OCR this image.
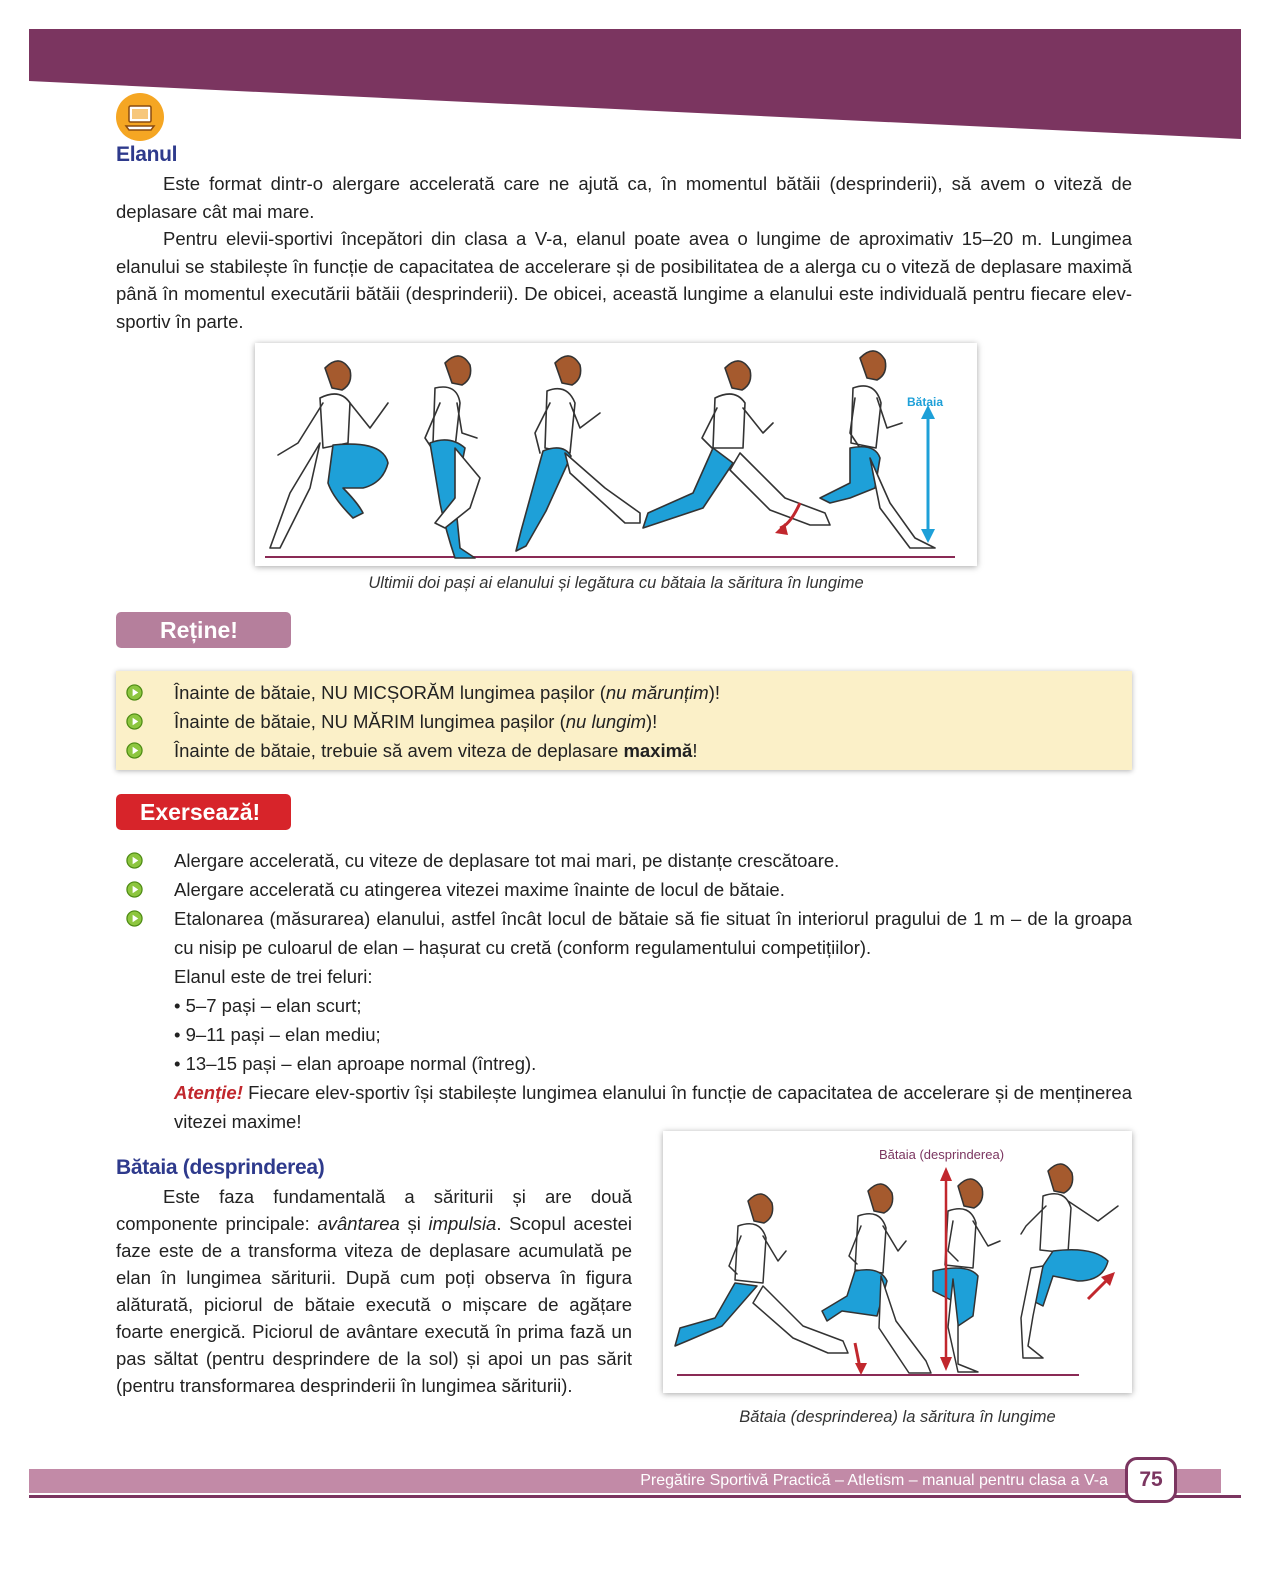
Elanul

Este format dintr-o alergare accelerată care ne ajută ca, în momentul bătăii (desprinderii), să avem o viteză de deplasare cât mai mare.

Pentru elevii-sportivi începători din clasa a V-a, elanul poate avea o lungime de aproximativ 15–20 m. Lungimea elanului se stabilește în funcție de capacitatea de accelerare și de posibilitatea de a alerga cu o viteză de deplasare maximă până în momentul executării bătăii (desprinderii). De obicei, această lungime a elanului este individuală pentru fiecare elev-sportiv în parte.

Bătaia
Ultimii doi pași ai elanului și legătura cu bătaia la săritura în lungime
Reține!
Înainte de bătaie, NU MICȘORĂM lungimea pașilor (nu mărunțim)!
Înainte de bătaie, NU MĂRIM lungimea pașilor (nu lungim)!
Înainte de bătaie, trebuie să avem viteza de deplasare maximă!
Exersează!
Alergare accelerată, cu viteze de deplasare tot mai mari, pe distanțe crescătoare.
Alergare accelerată cu atingerea vitezei maxime înainte de locul de bătaie.
Etalonarea (măsurarea) elanului, astfel încât locul de bătaie să fie situat în interiorul pragului de 1 m – de la groapa cu nisip pe culoarul de elan – hașurat cu cretă (conform regulamentului competițiilor).
Elanul este de trei feluri:
• 5–7 pași – elan scurt;
• 9–11 pași – elan mediu;
• 13–15 pași – elan aproape normal (întreg).
Atenție! Fiecare elev-sportiv își stabilește lungimea elanului în funcție de capacitatea de accelerare și de menținerea vitezei maxime!
Bătaia (desprinderea)

Este faza fundamentală a săriturii și are două componente principale: avântarea și impulsia. Scopul acestei faze este de a transforma viteza de deplasare acumulată pe elan în lungimea săriturii. După cum poți observa în figura alăturată, piciorul de bătaie execută o mișcare de agățare foarte energică. Piciorul de avântare execută în prima fază un pas săltat (pentru desprindere de la sol) și apoi un pas sărit (pentru transformarea desprinderii în lungimea săriturii).

Bătaia (desprinderea)
Bătaia (desprinderea) la săritura în lungime
Pregătire Sportivă Practică – Atletism – manual pentru clasa a V-a	75
